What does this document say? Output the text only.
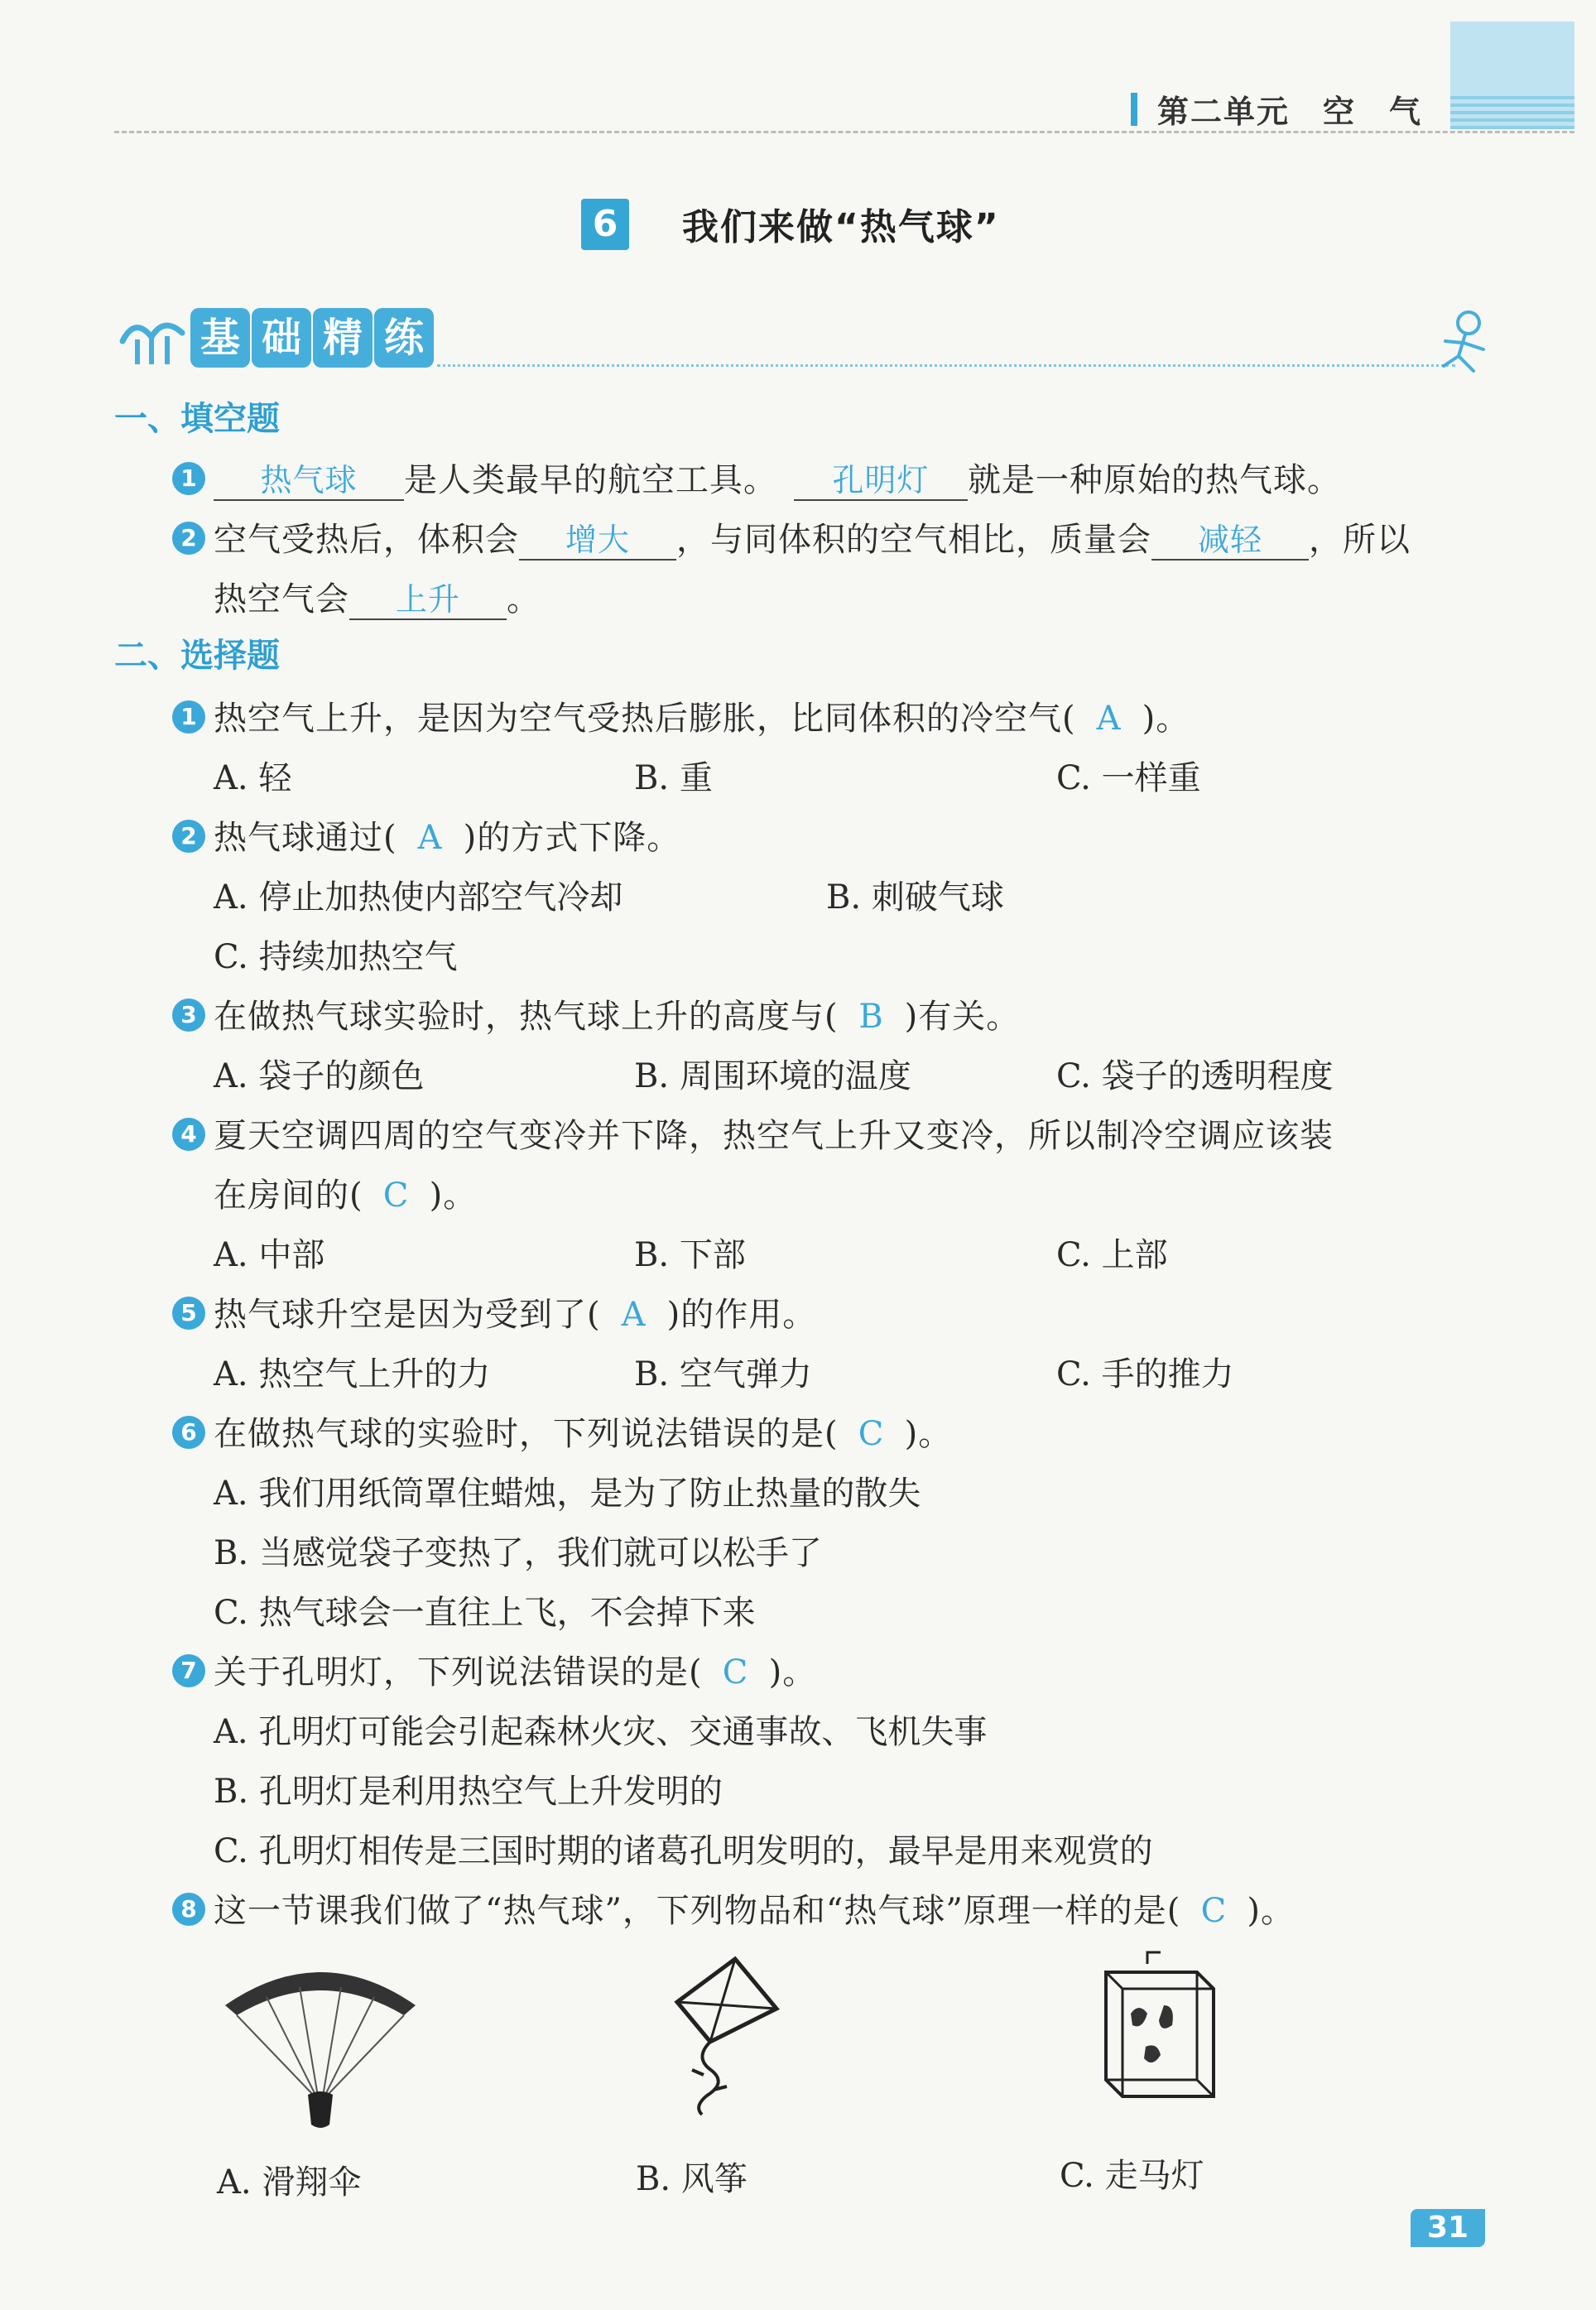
第二单元　空　气
6	我们来做“热气球”
基 础 精 练
一、填空题
1	热气球 是人类最早的航空工具。 孔明灯 就是一种原始的热气球。
2 空气受热后，体积会 增大 ，与同体积的空气相比，质量会 减轻 ，所以
热空气会 上升 。
二、选择题
1 热空气上升，是因为空气受热后膨胀，比同体积的冷空气( A )。
A. 轻	B. 重	C. 一样重
2 热气球通过( A )的方式下降。
A. 停止加热使内部空气冷却	B. 刺破气球
C. 持续加热空气
3 在做热气球实验时，热气球上升的高度与( B )有关。
A. 袋子的颜色	B. 周围环境的温度	C. 袋子的透明程度
4 夏天空调四周的空气变冷并下降，热空气上升又变冷，所以制冷空调应该装
在房间的( C )。
A. 中部	B. 下部	C. 上部
5 热气球升空是因为受到了( A )的作用。
A. 热空气上升的力	B. 空气弹力	C. 手的推力
6 在做热气球的实验时，下列说法错误的是( C )。
A. 我们用纸筒罩住蜡烛，是为了防止热量的散失
B. 当感觉袋子变热了，我们就可以松手了
C. 热气球会一直往上飞，不会掉下来
7 关于孔明灯，下列说法错误的是( C )。
A. 孔明灯可能会引起森林火灾、交通事故、飞机失事
B. 孔明灯是利用热空气上升发明的
C. 孔明灯相传是三国时期的诸葛孔明发明的，最早是用来观赏的
8 这一节课我们做了“热气球”，下列物品和“热气球”原理一样的是( C )。
A. 滑翔伞	B. 风筝	C. 走马灯
31
